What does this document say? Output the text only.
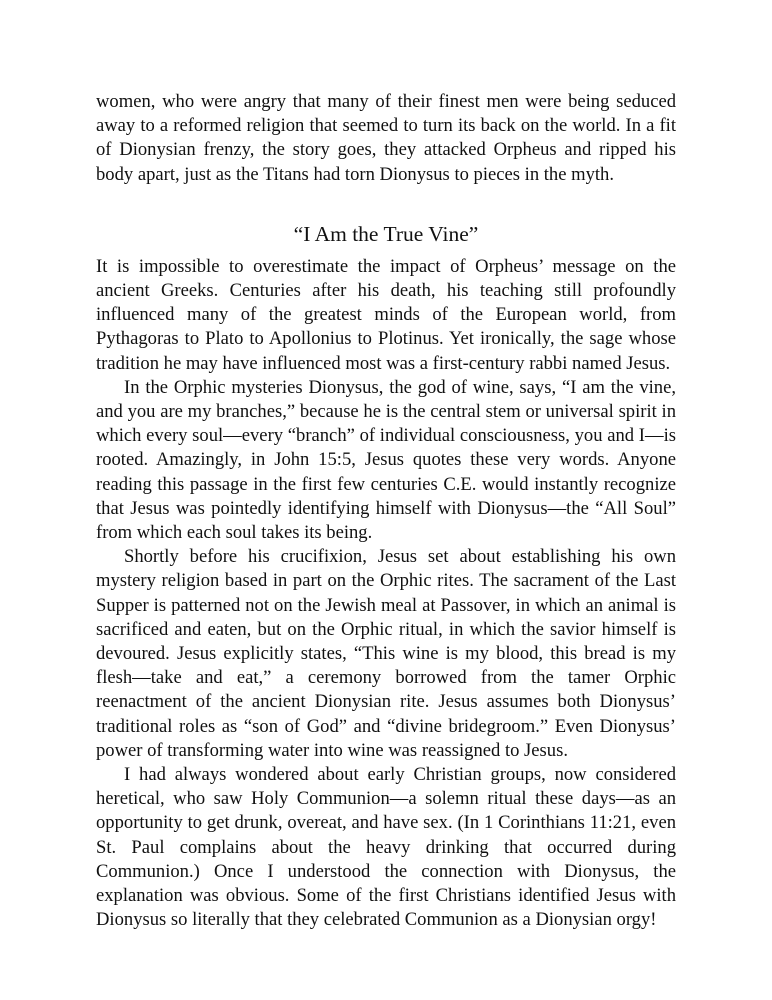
women, who were angry that many of their finest men were being seduced away to a reformed religion that seemed to turn its back on the world. In a fit of Dionysian frenzy, the story goes, they attacked Orpheus and ripped his body apart, just as the Titans had torn Dionysus to pieces in the myth.

“I Am the True Vine”

It is impossible to overestimate the impact of Orpheus’ message on the ancient Greeks. Centuries after his death, his teaching still profoundly influenced many of the greatest minds of the European world, from Pythagoras to Plato to Apollonius to Plotinus. Yet ironically, the sage whose tradition he may have influenced most was a first-century rabbi named Jesus.

In the Orphic mysteries Dionysus, the god of wine, says, “I am the vine, and you are my branches,” because he is the central stem or universal spirit in which every soul—every “branch” of individual consciousness, you and I—is rooted. Amazingly, in John 15:5, Jesus quotes these very words. Anyone reading this passage in the first few centuries C.E. would instantly recognize that Jesus was pointedly identifying himself with Dionysus—the “All Soul” from which each soul takes its being.

Shortly before his crucifixion, Jesus set about establishing his own mystery religion based in part on the Orphic rites. The sacrament of the Last Supper is patterned not on the Jewish meal at Passover, in which an animal is sacrificed and eaten, but on the Orphic ritual, in which the savior himself is devoured. Jesus explicitly states, “This wine is my blood, this bread is my flesh—take and eat,” a ceremony borrowed from the tamer Orphic reenactment of the ancient Dionysian rite. Jesus assumes both Dionysus’ traditional roles as “son of God” and “divine bridegroom.” Even Dionysus’ power of transforming water into wine was reassigned to Jesus.

I had always wondered about early Christian groups, now considered heretical, who saw Holy Communion—a solemn ritual these days—as an opportunity to get drunk, overeat, and have sex. (In 1 Corinthians 11:21, even St. Paul complains about the heavy drinking that occurred during Communion.) Once I understood the connection with Dionysus, the explanation was obvious. Some of the first Christians identified Jesus with Dionysus so literally that they celebrated Communion as a Dionysian orgy!
